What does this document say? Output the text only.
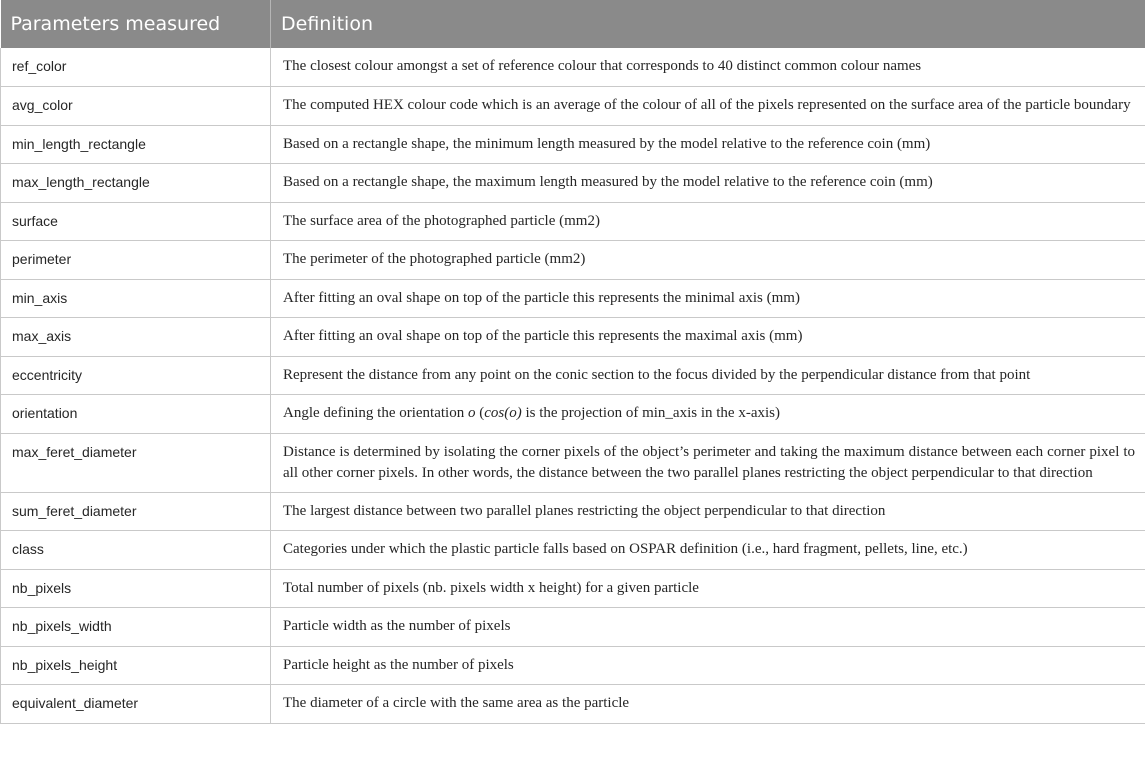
Parameters measured	Definition
ref_color	The closest colour amongst a set of reference colour that corresponds to 40 distinct common colour names
avg_color	The computed HEX colour code which is an average of the colour of all of the pixels represented on the surface area of the particle boundary
min_length_rectangle	Based on a rectangle shape, the minimum length measured by the model relative to the reference coin (mm)
max_length_rectangle	Based on a rectangle shape, the maximum length measured by the model relative to the reference coin (mm)
surface	The surface area of the photographed particle (mm2)
perimeter	The perimeter of the photographed particle (mm2)
min_axis	After fitting an oval shape on top of the particle this represents the minimal axis (mm)
max_axis	After fitting an oval shape on top of the particle this represents the maximal axis (mm)
eccentricity	Represent the distance from any point on the conic section to the focus divided by the perpendicular distance from that point
orientation	Angle defining the orientation o (cos(o) is the projection of min_axis in the x-axis)
max_feret_diameter	Distance is determined by isolating the corner pixels of the object’s perimeter and taking the maximum distance between each corner pixel to all other corner pixels. In other words, the distance between the two parallel planes restricting the object perpendicular to that direction
sum_feret_diameter	The largest distance between two parallel planes restricting the object perpendicular to that direction
class	Categories under which the plastic particle falls based on OSPAR definition (i.e., hard fragment, pellets, line, etc.)
nb_pixels	Total number of pixels (nb. pixels width x height) for a given particle
nb_pixels_width	Particle width as the number of pixels
nb_pixels_height	Particle height as the number of pixels
equivalent_diameter	The diameter of a circle with the same area as the particle
